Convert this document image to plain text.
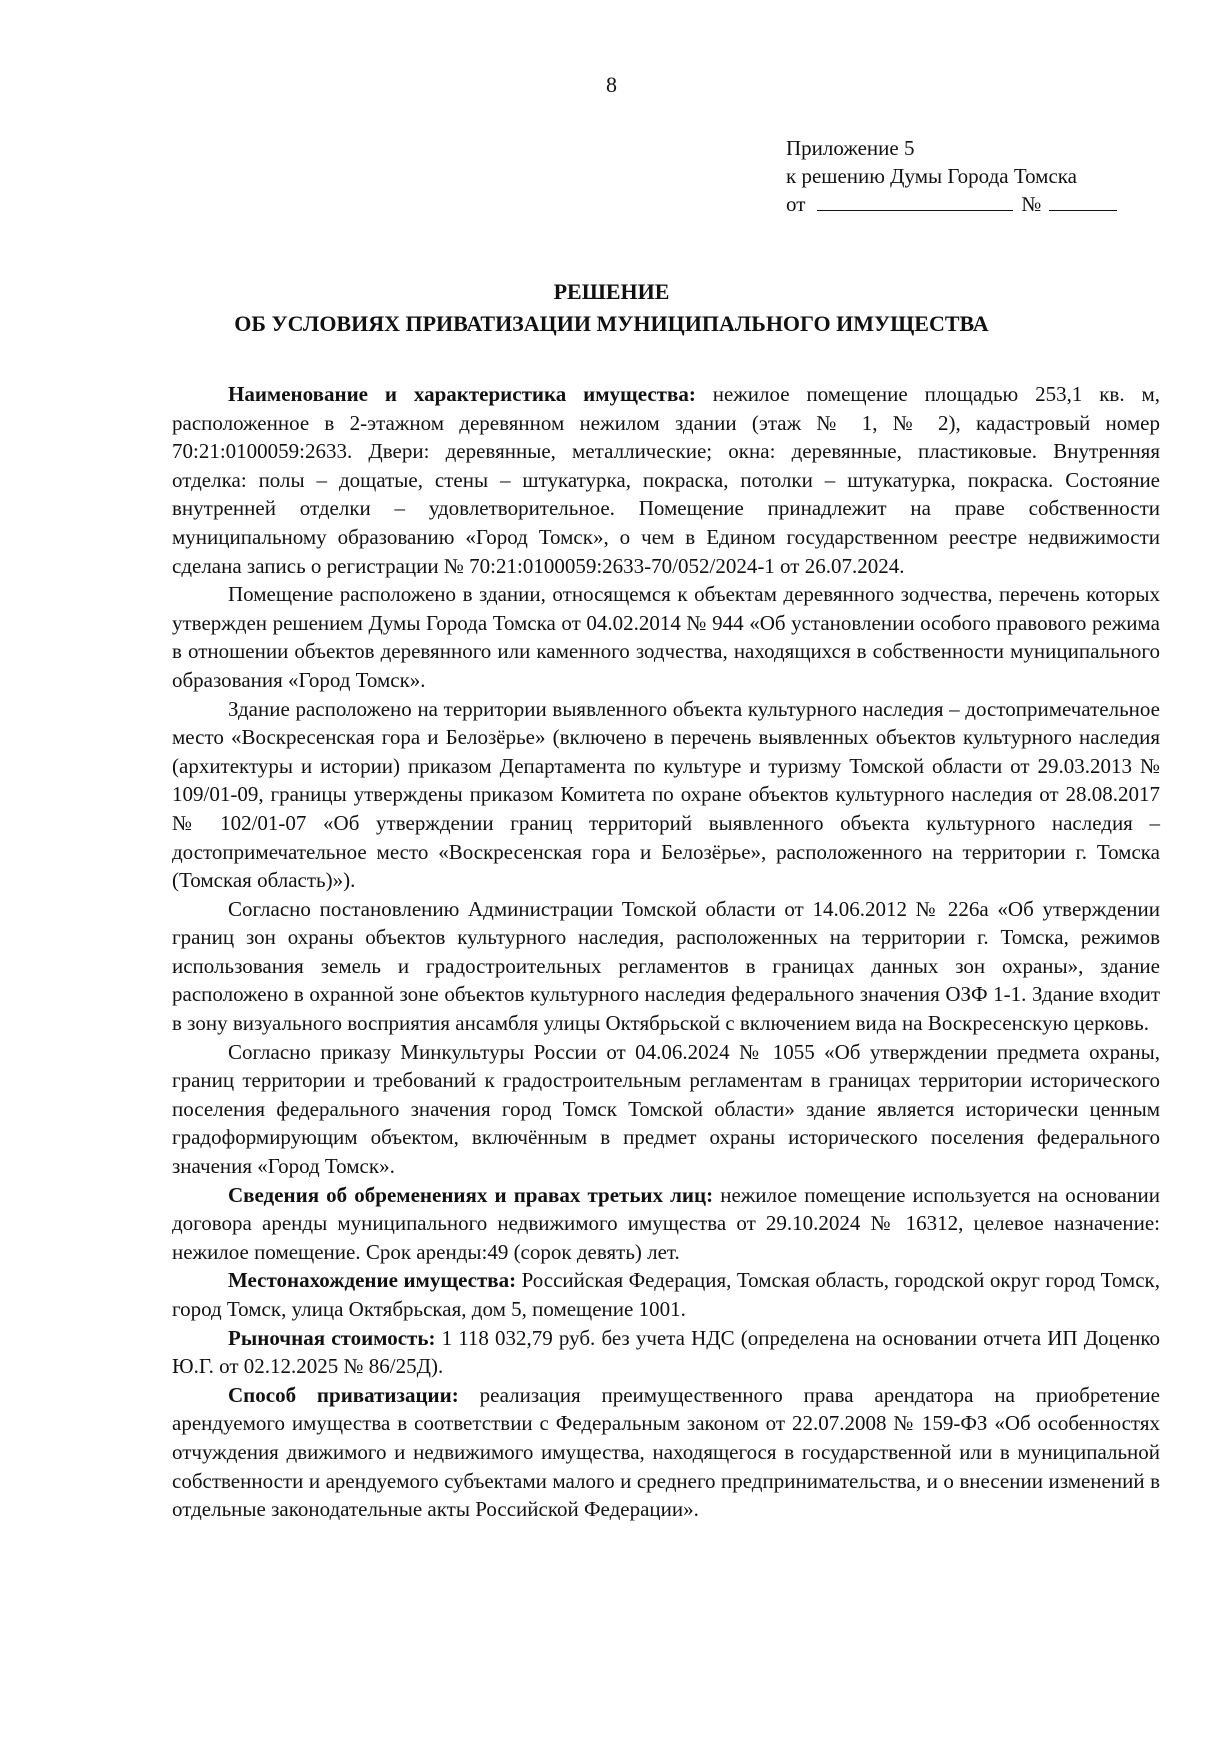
8
Приложение 5
к решению Думы Города Томска
от	№
РЕШЕНИЕ
ОБ УСЛОВИЯХ ПРИВАТИЗАЦИИ МУНИЦИПАЛЬНОГО ИМУЩЕСТВА

Наименование и характеристика имущества: нежилое помещение площадью 253,1 кв. м, расположенное в 2-этажном деревянном нежилом здании (этаж № 1, № 2), кадастровый номер 70:21:0100059:2633. Двери: деревянные, металлические; окна: деревянные, пластиковые. Внутренняя отделка: полы – дощатые, стены – штукатурка, покраска, потолки – штукатурка, покраска. Состояние внутренней отделки – удовлетворительное. Помещение принадлежит на праве собственности муниципальному образованию «Город Томск», о чем в Едином государственном реестре недвижимости сделана запись о регистрации № 70:21:0100059:2633-70/052/2024-1 от 26.07.2024.

Помещение расположено в здании, относящемся к объектам деревянного зодчества, перечень которых утвержден решением Думы Города Томска от 04.02.2014 № 944 «Об установлении особого правового режима в отношении объектов деревянного или каменного зодчества, находящихся в собственности муниципального образования «Город Томск».

Здание расположено на территории выявленного объекта культурного наследия – достопримечательное место «Воскресенская гора и Белозёрье» (включено в перечень выявленных объектов культурного наследия (архитектуры и истории) приказом Департамента по культуре и туризму Томской области от 29.03.2013 № 109/01-09, границы утверждены приказом Комитета по охране объектов культурного наследия от 28.08.2017 № 102/01-07 «Об утверждении границ территорий выявленного объекта культурного наследия – достопримечательное место «Воскресенская гора и Белозёрье», расположенного на территории г. Томска (Томская область)»).

Согласно постановлению Администрации Томской области от 14.06.2012 № 226а «Об утверждении границ зон охраны объектов культурного наследия, расположенных на территории г. Томска, режимов использования земель и градостроительных регламентов в границах данных зон охраны», здание расположено в охранной зоне объектов культурного наследия федерального значения ОЗФ 1-1. Здание входит в зону визуального восприятия ансамбля улицы Октябрьской с включением вида на Воскресенскую церковь.

Согласно приказу Минкультуры России от 04.06.2024 № 1055 «Об утверждении предмета охраны, границ территории и требований к градостроительным регламентам в границах территории исторического поселения федерального значения город Томск Томской области» здание является исторически ценным градоформирующим объектом, включённым в предмет охраны исторического поселения федерального значения «Город Томск».

Сведения об обременениях и правах третьих лиц: нежилое помещение используется на основании договора аренды муниципального недвижимого имущества от 29.10.2024 № 16312, целевое назначение: нежилое помещение. Срок аренды:49 (сорок девять) лет.

Местонахождение имущества: Российская Федерация, Томская область, городской округ город Томск, город Томск, улица Октябрьская, дом 5, помещение 1001.

Рыночная стоимость: 1 118 032,79 руб. без учета НДС (определена на основании отчета ИП Доценко Ю.Г. от 02.12.2025 № 86/25Д).

Способ приватизации: реализация преимущественного права арендатора на приобретение арендуемого имущества в соответствии с Федеральным законом от 22.07.2008 № 159-ФЗ «Об особенностях отчуждения движимого и недвижимого имущества, находящегося в государственной или в муниципальной собственности и арендуемого субъектами малого и среднего предпринимательства, и о внесении изменений в отдельные законодательные акты Российской Федерации».
